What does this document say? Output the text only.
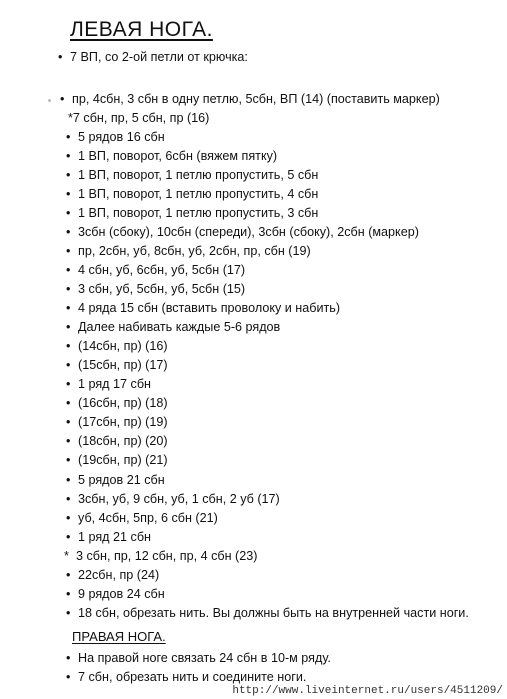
ЛЕВАЯ НОГА.
• 7 ВП, со 2-ой петли от крючка:
• пр, 4сбн, 3 сбн в одну петлю, 5сбн, ВП (14) (поставить маркер)
*7 сбн, пр, 5 сбн, пр (16)
• 5 рядов 16 сбн
• 1 ВП, поворот, 6сбн (вяжем пятку)
• 1 ВП, поворот, 1 петлю пропустить, 5 сбн
• 1 ВП, поворот, 1 петлю пропустить, 4 сбн
• 1 ВП, поворот, 1 петлю пропустить, 3 сбн
• 3сбн (сбоку), 10сбн (спереди), 3сбн (сбоку), 2сбн (маркер)
• пр, 2сбн, уб, 8сбн, уб, 2сбн, пр, сбн (19)
• 4 сбн, уб, 6сбн, уб, 5сбн (17)
• 3 сбн, уб, 5сбн, уб, 5сбн (15)
• 4 ряда 15 сбн (вставить проволоку и набить)
• Далее набивать каждые 5-6 рядов
• (14сбн, пр) (16)
• (15сбн, пр) (17)
• 1 ряд 17 сбн
• (16сбн, пр) (18)
• (17сбн, пр) (19)
• (18сбн, пр) (20)
• (19сбн, пр) (21)
• 5 рядов 21 сбн
• 3сбн, уб, 9 сбн, уб, 1 сбн, 2 уб (17)
• уб, 4сбн, 5пр, 6 сбн (21)
• 1 ряд 21 сбн
* 3 сбн, пр, 12 сбн, пр, 4 сбн (23)
• 22сбн, пр (24)
• 9 рядов 24 сбн
• 18 сбн, обрезать нить. Вы должны быть на внутренней части ноги.
ПРАВАЯ НОГА.
• На правой ноге связать 24 сбн в 10-м ряду.
• 7 сбн, обрезать нить и соедините ноги.
http://www.liveinternet.ru/users/4511209/
